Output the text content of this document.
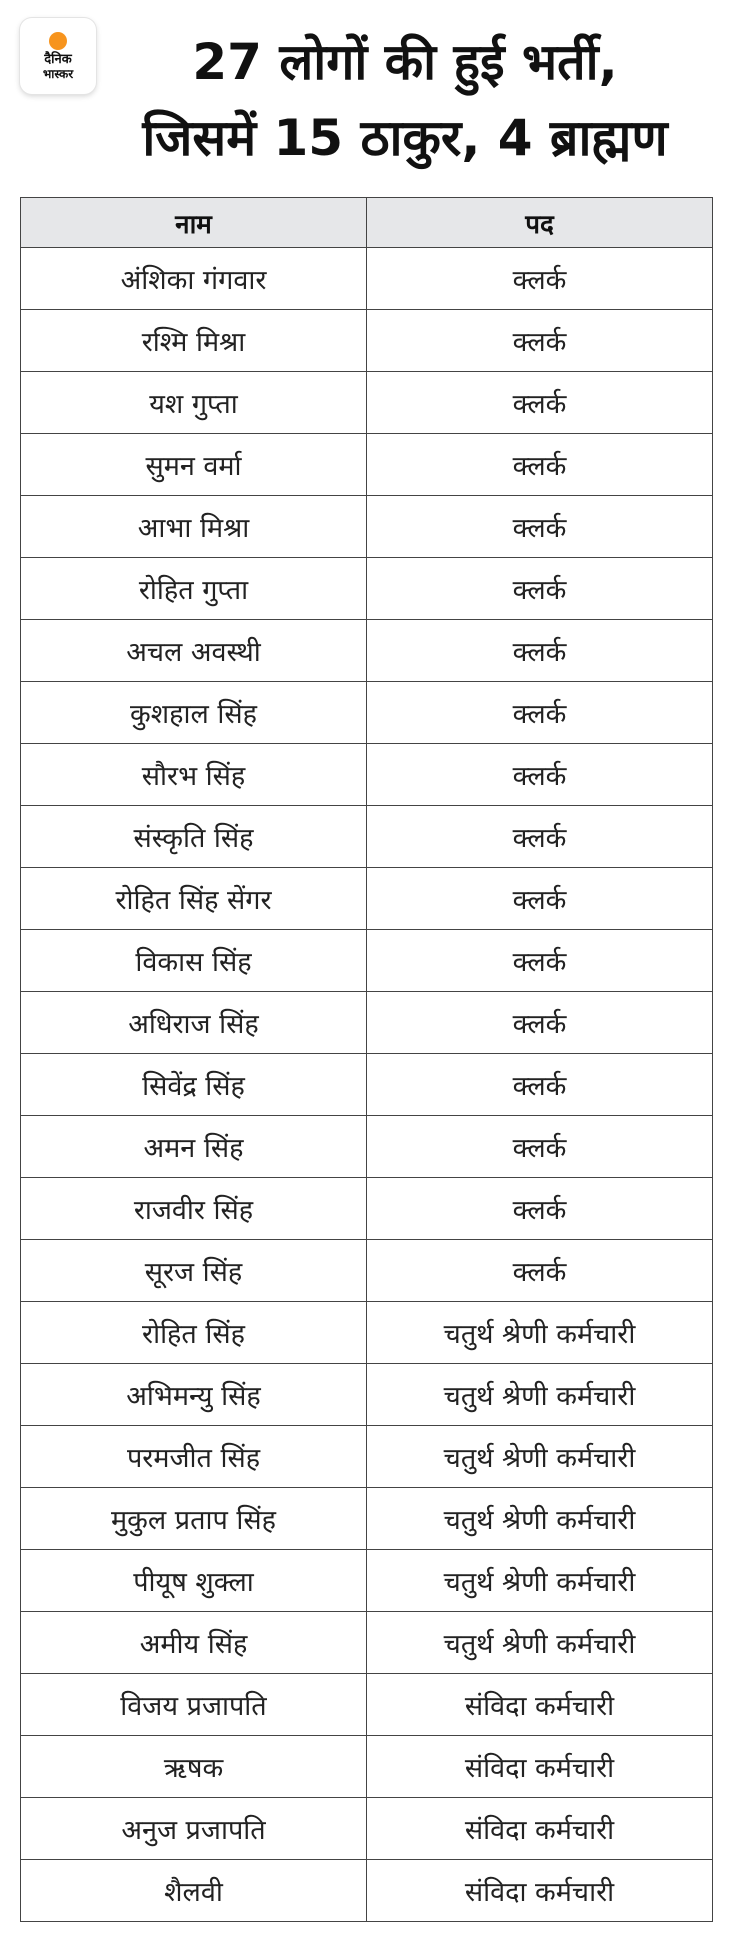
दैनिक
भास्कर	27 लोगों की हुई भर्ती,
जिसमें 15 ठाकुर, 4 ब्राह्मण
नाम	पद
अंशिका गंगवार	क्लर्क
रश्मि मिश्रा	क्लर्क
यश गुप्ता	क्लर्क
सुमन वर्मा	क्लर्क
आभा मिश्रा	क्लर्क
रोहित गुप्ता	क्लर्क
अचल अवस्थी	क्लर्क
कुशहाल सिंह	क्लर्क
सौरभ सिंह	क्लर्क
संस्कृति सिंह	क्लर्क
रोहित सिंह सेंगर	क्लर्क
विकास सिंह	क्लर्क
अधिराज सिंह	क्लर्क
सिवेंद्र सिंह	क्लर्क
अमन सिंह	क्लर्क
राजवीर सिंह	क्लर्क
सूरज सिंह	क्लर्क
रोहित सिंह	चतुर्थ श्रेणी कर्मचारी
अभिमन्यु सिंह	चतुर्थ श्रेणी कर्मचारी
परमजीत सिंह	चतुर्थ श्रेणी कर्मचारी
मुकुल प्रताप सिंह	चतुर्थ श्रेणी कर्मचारी
पीयूष शुक्ला	चतुर्थ श्रेणी कर्मचारी
अमीय सिंह	चतुर्थ श्रेणी कर्मचारी
विजय प्रजापति	संविदा कर्मचारी
ऋषक	संविदा कर्मचारी
अनुज प्रजापति	संविदा कर्मचारी
शैलवी	संविदा कर्मचारी
